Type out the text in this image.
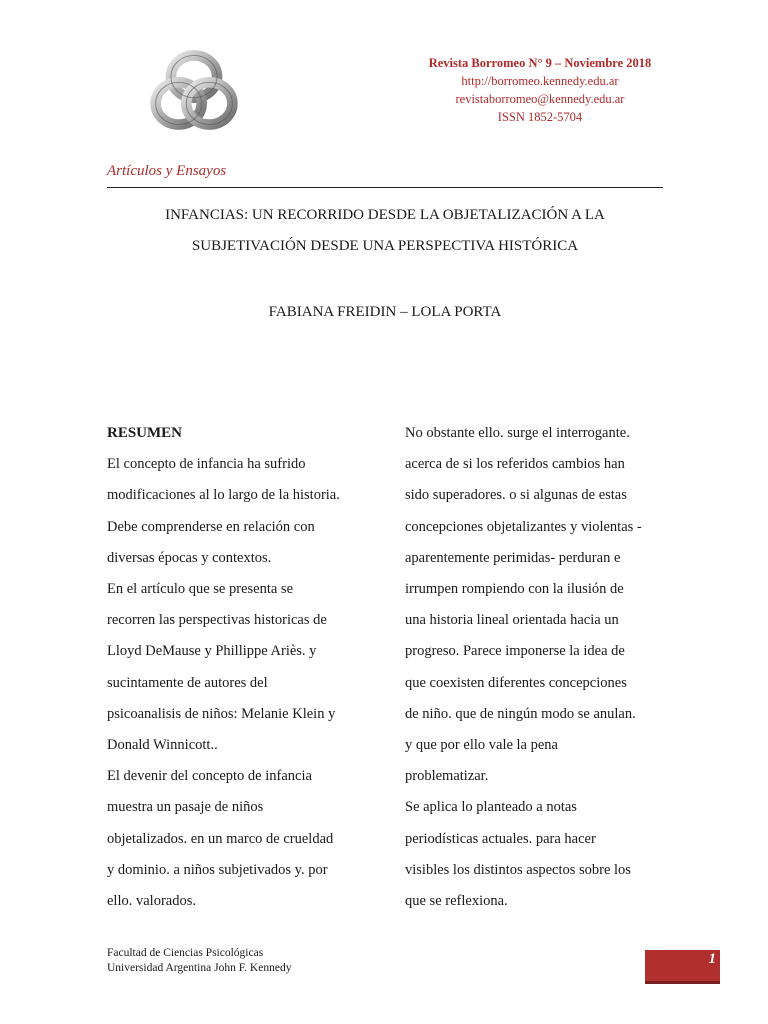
Revista Borromeo N° 9 – Noviembre 2018
http://borromeo.kennedy.edu.ar
revistaborromeo@kennedy.edu.ar
ISSN 1852-5704
Artículos y Ensayos
INFANCIAS: UN RECORRIDO DESDE LA OBJETALIZACIÓN A LA
SUBJETIVACIÓN DESDE UNA PERSPECTIVA HISTÓRICA
FABIANA FREIDIN – LOLA PORTA

RESUMEN

El concepto de infancia ha sufrido

modificaciones al lo largo de la historia.

Debe comprenderse en relación con

diversas épocas y contextos.

En el artículo que se presenta se

recorren las perspectivas historicas de

Lloyd DeMause y Phillippe Ariès. y

sucintamente de autores del

psicoanalisis de niños: Melanie Klein y

Donald Winnicott..

El devenir del concepto de infancia

muestra un pasaje de niños

objetalizados. en un marco de crueldad

y dominio. a niños subjetivados y. por

ello. valorados.

No obstante ello. surge el interrogante.

acerca de si los referidos cambios han

sido superadores. o si algunas de estas

concepciones objetalizantes y violentas -

aparentemente perimidas- perduran e

irrumpen rompiendo con la ilusión de

una historia lineal orientada hacia un

progreso. Parece imponerse la idea de

que coexisten diferentes concepciones

de niño. que de ningún modo se anulan.

y que por ello vale la pena

problematizar.

Se aplica lo planteado a notas

periodísticas actuales. para hacer

visibles los distintos aspectos sobre los

que se reflexiona.

Facultad de Ciencias Psicológicas
Universidad Argentina John F. Kennedy
1
